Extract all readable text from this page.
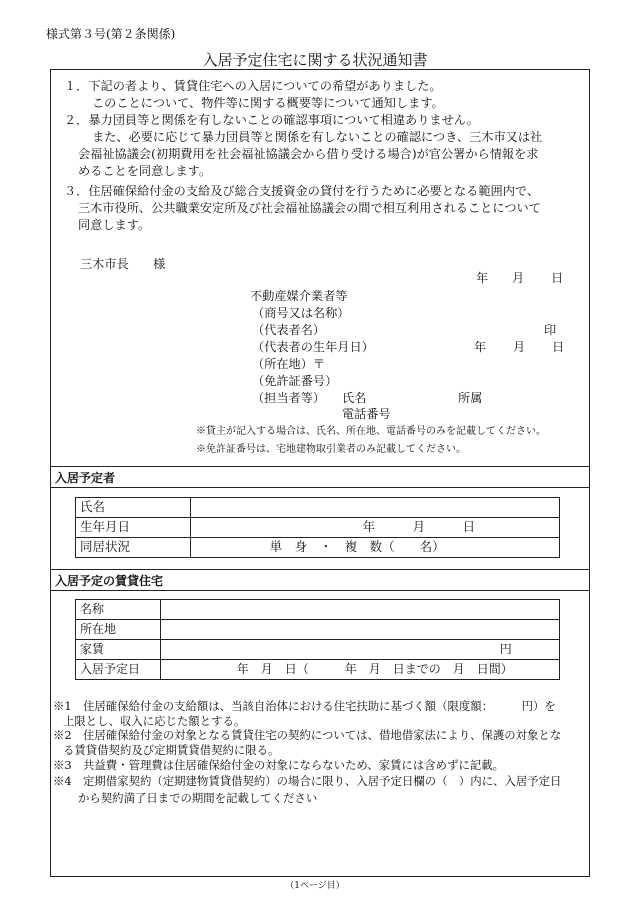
様式第３号(第２条関係)
入居予定住宅に関する状況通知書
１．下記の者より、賃貸住宅への入居についての希望がありました。
このことについて、物件等に関する概要等について通知します。
２．暴力団員等と関係を有しないことの確認事項について相違ありません。
また、必要に応じて暴力団員等と関係を有しないことの確認につき、三木市又は社
会福祉協議会(初期費用を社会福祉協議会から借り受ける場合)が官公署から情報を求
めることを同意します。
３．住居確保給付金の支給及び総合支援資金の貸付を行うために必要となる範囲内で、
三木市役所、公共職業安定所及び社会福祉協議会の間で相互利用されることについて
同意します。
三木市長　　様
年 月 日
不動産媒介業者等
（商号又は名称）
（代表者名）	印
（代表者の生年月日）	年 月 日
（所在地）〒
（免許証番号）
（担当者等） 氏名	所属
電話番号
※貸主が記入する場合は、氏名、所在地、電話番号のみを記載してください。
※免許証番号は、宅地建物取引業者のみ記載してください。
入居予定者
氏名	
生年月日	年　　　月　　　日
同居状況	単　身　・　複　数（　　名）
入居予定の賃貸住宅
名称	
所在地	
家賃	円
入居予定日	年　月　日（　　　年　月　日までの　月　日間）
※1　住居確保給付金の支給額は、当該自治体における住宅扶助に基づく額（限度額：　　　円）を
上限とし、収入に応じた額とする。
※2　住居確保給付金の対象となる賃貸住宅の契約については、借地借家法により、保護の対象とな
る賃貸借契約及び定期賃貸借契約に限る。
※3　共益費・管理費は住居確保給付金の対象にならないため、家賃には含めずに記載。
※4　定期借家契約（定期建物賃貸借契約）の場合に限り、入居予定日欄の（　）内に、入居予定日
から契約満了日までの期間を記載してください
（1ページ目）
